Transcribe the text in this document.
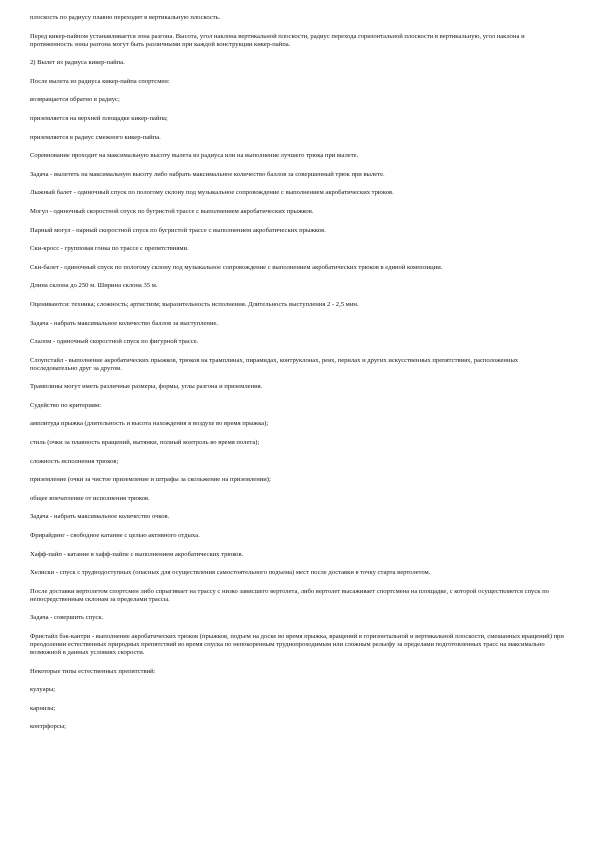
плоскость по радиусу плавно переходит в вертикальную плоскость.

Перед кикер-пайпом устанавливается зона разгона. Высота, угол наклона вертикальной плоскости, радиус перехода горизонтальной плоскости в вертикальную, угол наклона и протяженность зоны разгона могут быть различными при каждой конструкции кикер-пайпа.

2) Вылет из радиуса кикер-пайпа.

После вылета из радиуса кикер-пайпа спортсмен:

возвращается обратно в радиус;

приземляется на верхней площадке кикер-пайпа;

приземляется в радиус смежного кикер-пайпа.

Соревнование проходит на максимальную высоту вылета из радиуса или на выполнение лучшего трюка при вылете.

Задача - вылететь на максимальную высоту либо набрать максимальное количество баллов за совершенный трюк при вылете.

Лыжный балет - одиночный спуск по пологому склону под музыкальное сопровождение с выполнением акробатических трюков.

Могул - одиночный скоростной спуск по бугристой трассе с выполнением акробатических прыжков.

Парный могул - парный скоростной спуск по бугристой трассе с выполнением акробатических прыжков.

Ски-кросс - групповая гонка по трассе с препятствиями.

Ски-балет - одиночный спуск по пологому склону под музыкальное сопровождение с выполнением акробатических трюков в единой композиции.

Длина склона до 250 м. Ширина склона 35 м.

Оцениваются: техника; сложность; артистизм; выразительность исполнения. Длительность выступления 2 - 2,5 мин.

Задача - набрать максимальное количество баллов за выступление.

Слалом - одиночный скоростной спуск по фигурной трассе.

Слоупстайл - выполнение акробатических прыжков, трюков на трамплинах, пирамидах, контруклонах, реях, перилах и других искусственных препятствиях, расположенных последовательно друг за другом.

Трамплины могут иметь различные размеры, формы, углы разгона и приземления.

Судейство по критериям:

амплитуда прыжка (длительность и высота нахождения в воздухе во время прыжка);

стиль (очки за плавность вращений, вытянки, полный контроль во время полета);

сложность исполнения трюков;

приземление (очки за чистое приземление и штрафы за скольжение на приземлении);

общее впечатление от исполнения трюков.

Задача - набрать максимальное количество очков.

Фрирайдинг - свободное катание с целью активного отдыха.

Хафф-пайп - катание в хафф-пайпе с выполнением акробатических трюков.

Хелиски - спуск с труднодоступных (опасных для осуществления самостоятельного подъема) мест после доставки в точку старта вертолетом.

После доставки вертолетом спортсмен либо спрыгивает на трассу с низко зависшего вертолета, либо вертолет высаживает спортсмена на площадке, с которой осуществляется спуск по непосредственным склонам за пределами трассы.

Задача - совершить спуск.

Фристайл бэк-кантри - выполнение акробатических трюков (прыжков, подъем на доске во время прыжка, вращений в горизонтальной и вертикальной плоскости, смешанных вращений) при преодолении естественных природных препятствий во время спуска по непокоренным труднопроходимым или сложным рельефу за пределами подготовленных трасс на максимально возможной в данных условиях скорости.

Некоторые типы естественных препятствий:

кулуары;

карнизы;

контрфорсы;
